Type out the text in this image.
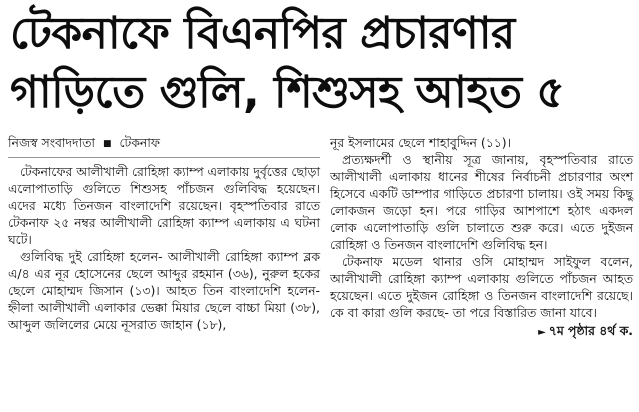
টেকনাফে বিএনপির প্রচারণার
গাড়িতে গুলি, শিশুসহ আহত ৫
নিজস্ব সংবাদদাতা ■ টেকনাফ

টেকনাফের আলীখালী রোহিঙ্গা ক্যাম্প এলাকায় দুর্বৃত্তের ছোড়া এলোপাতাড়ি গুলিতে শিশুসহ পাঁচজন গুলিবিদ্ধ হয়েছেন। এদের মধ্যে তিনজন বাংলাদেশি রয়েছেন। বৃহস্পতিবার রাতে টেকনাফ ২৫ নম্বর আলীখালী রোহিঙ্গা ক্যাম্প এলাকায় এ ঘটনা ঘটে।

গুলিবিদ্ধ দুই রোহিঙ্গা হলেন- আলীখালী রোহিঙ্গা ক্যাম্প ব্লক এ/৪ এর নূর হোসেনের ছেলে আব্দুর রহমান (৩৬), নুরুল হকের ছেলে মোহাম্মদ জিসান (১৩)। আহত তিন বাংলাদেশি হলেন- হ্নীলা আলীখালী এলাকার ভেক্কা মিয়ার ছেলে বাচ্চা মিয়া (৩৮), আব্দুল জলিলের মেয়ে নূসরাত জাহান (১৮),

নূর ইসলামের ছেলে শাহাবুদ্দিন (১১)।

প্রত্যক্ষদর্শী ও স্থানীয় সূত্র জানায়, বৃহস্পতিবার রাতে আলীখালী এলাকায় ধানের শীষের নির্বাচনী প্রচারণার অংশ হিসেবে একটি ডাম্পার গাড়িতে প্রচারণা চালায়। ওই সময় কিছু লোকজন জড়ো হন। পরে গাড়ির আশপাশে হঠাৎ একদল লোক এলোপাতাড়ি গুলি চালাতে শুরু করে। এতে দুইজন রোহিঙ্গা ও তিনজন বাংলাদেশি গুলিবিদ্ধ হন।

টেকনাফ মডেল থানার ওসি মোহাম্মদ সাইফুল বলেন, আলীখালী রোহিঙ্গা ক্যাম্প এলাকায় গুলিতে পাঁচজন আহত হয়েছেন। এতে দুইজন রোহিঙ্গা ও তিনজন বাংলাদেশি রয়েছে। কে বা কারা গুলি করছে- তা পরে বিস্তারিত জানা যাবে।

► ৭ম পৃষ্ঠার ৪র্থ ক.
